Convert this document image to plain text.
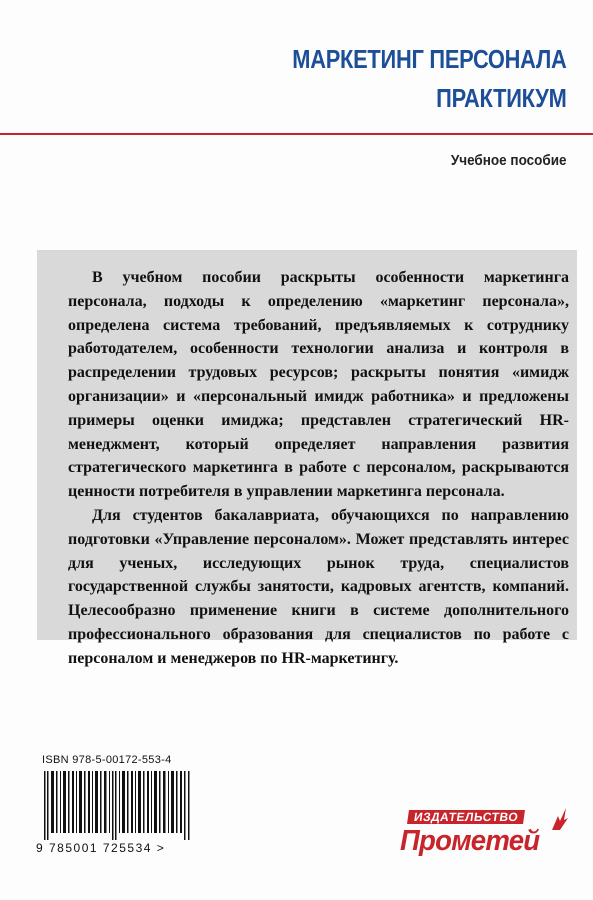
МАРКЕТИНГ ПЕРСОНАЛА
ПРАКТИКУМ
Учебное пособие

В учебном пособии раскрыты особенности маркетинга персонала, подходы к определению «маркетинг персонала», определена система требований, предъявляемых к сотруднику работодателем, особенности технологии анализа и контроля в распределении трудовых ресурсов; раскрыты понятия «имидж организации» и «персональный имидж работника» и предложены примеры оценки имиджа; представлен стратегический HR-менеджмент, который определяет направления развития стратегического маркетинга в работе с персоналом, раскрываются ценности потребителя в управлении маркетинга персонала.

Для студентов бакалавриата, обучающихся по направлению подготовки «Управление персоналом». Может представлять интерес для ученых, исследующих рынок труда, специалистов государственной службы занятости, кадровых агентств, компаний. Целесообразно применение книги в системе дополнительного профессионального образования для специалистов по работе с персоналом и менеджеров по HR-маркетингу.

ISBN 978-5-00172-553-4
9 785001 725534 >
ИЗДАТЕЛЬСТВО
Прометей
